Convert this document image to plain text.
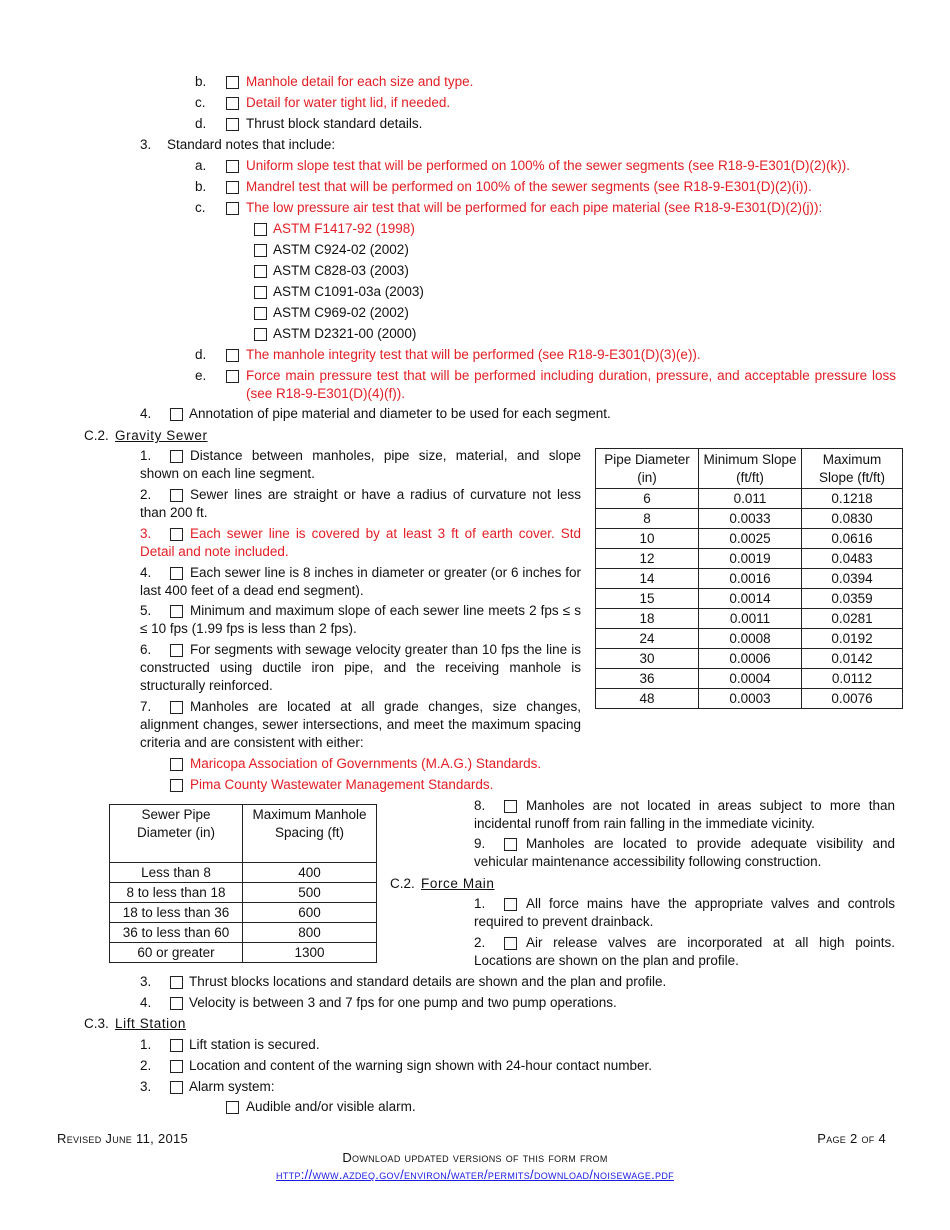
b.	Manhole detail for each size and type.
c.	Detail for water tight lid, if needed.
d.	Thrust block standard details.
3. Standard notes that include:
a.	Uniform slope test that will be performed on 100% of the sewer segments (see R18-9-E301(D)(2)(k)).
b.	Mandrel test that will be performed on 100% of the sewer segments (see R18-9-E301(D)(2)(i)).
c.	The low pressure air test that will be performed for each pipe material (see R18-9-E301(D)(2)(j)):
ASTM F1417-92 (1998)
ASTM C924-02 (2002)
ASTM C828-03 (2003)
ASTM C1091-03a (2003)
ASTM C969-02 (2002)
ASTM D2321-00 (2000)
d.	The manhole integrity test that will be performed (see R18-9-E301(D)(3)(e)).
e.	Force main pressure test that will be performed including duration, pressure, and acceptable pressure loss (see R18-9-E301(D)(4)(f)).
4.	Annotation of pipe material and diameter to be used for each segment.
C.2. Gravity Sewer
1.	Distance between manholes, pipe size, material, and slope shown on each line segment.
2.	Sewer lines are straight or have a radius of curvature not less than 200 ft.
3.	Each sewer line is covered by at least 3 ft of earth cover. Std Detail and note included.
4.	Each sewer line is 8 inches in diameter or greater (or 6 inches for last 400 feet of a dead end segment).
5.	Minimum and maximum slope of each sewer line meets 2 fps ≤ s ≤ 10 fps (1.99 fps is less than 2 fps).
6.	For segments with sewage velocity greater than 10 fps the line is constructed using ductile iron pipe, and the receiving manhole is structurally reinforced.
7.	Manholes are located at all grade changes, size changes, alignment changes, sewer intersections, and meet the maximum spacing criteria and are consistent with either:
Maricopa Association of Governments (M.A.G.) Standards.
Pima County Wastewater Management Standards.
Pipe Diameter (in)	Minimum Slope (ft/ft)	Maximum Slope (ft/ft)
6	0.011	0.1218
8	0.0033	0.0830
10	0.0025	0.0616
12	0.0019	0.0483
14	0.0016	0.0394
15	0.0014	0.0359
18	0.0011	0.0281
24	0.0008	0.0192
30	0.0006	0.0142
36	0.0004	0.0112
48	0.0003	0.0076
Sewer Pipe Diameter (in)	Maximum Manhole Spacing (ft)
Less than 8	400
8 to less than 18	500
18 to less than 36	600
36 to less than 60	800
60 or greater	1300
8.	Manholes are not located in areas subject to more than incidental runoff from rain falling in the immediate vicinity.
9.	Manholes are located to provide adequate visibility and vehicular maintenance accessibility following construction.
C.2. Force Main
1.	All force mains have the appropriate valves and controls required to prevent drainback.
2.	Air release valves are incorporated at all high points. Locations are shown on the plan and profile.
3.	Thrust blocks locations and standard details are shown and the plan and profile.
4.	Velocity is between 3 and 7 fps for one pump and two pump operations.
C.3. Lift Station
1.	Lift station is secured.
2.	Location and content of the warning sign shown with 24-hour contact number.
3.	Alarm system:
Audible and/or visible alarm.
Revised June 11, 2015	Page 2 of 4
Download updated versions of this form from
http://www.azdeq.gov/environ/water/permits/download/noisewage.pdf
